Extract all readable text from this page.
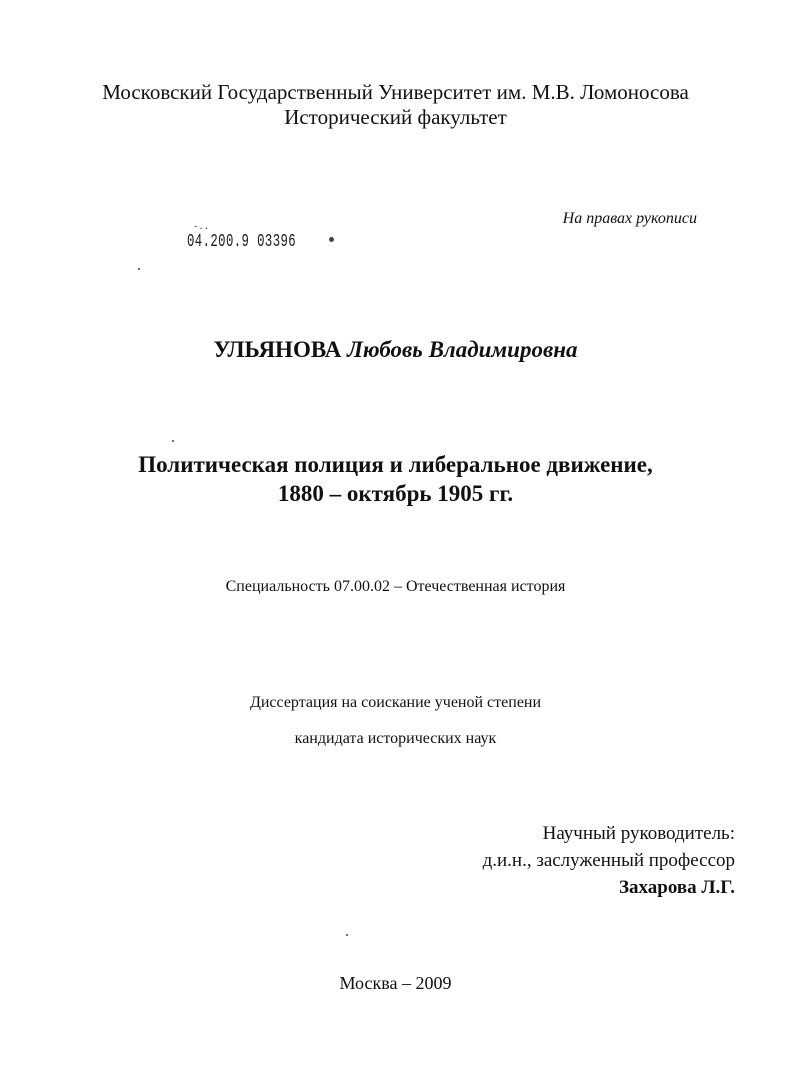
Московский Государственный Университет им. М.В. Ломоносова
Исторический факультет
На правах рукописи
-..
04.200.9 03396
УЛЬЯНОВА Любовь Владимировна
Политическая полиция и либеральное движение,
1880 – октябрь 1905 гг.
Специальность 07.00.02 – Отечественная история
Диссертация на соискание ученой степени
кандидата исторических наук
Научный руководитель:
д.и.н., заслуженный профессор
Захарова Л.Г.
Москва – 2009
